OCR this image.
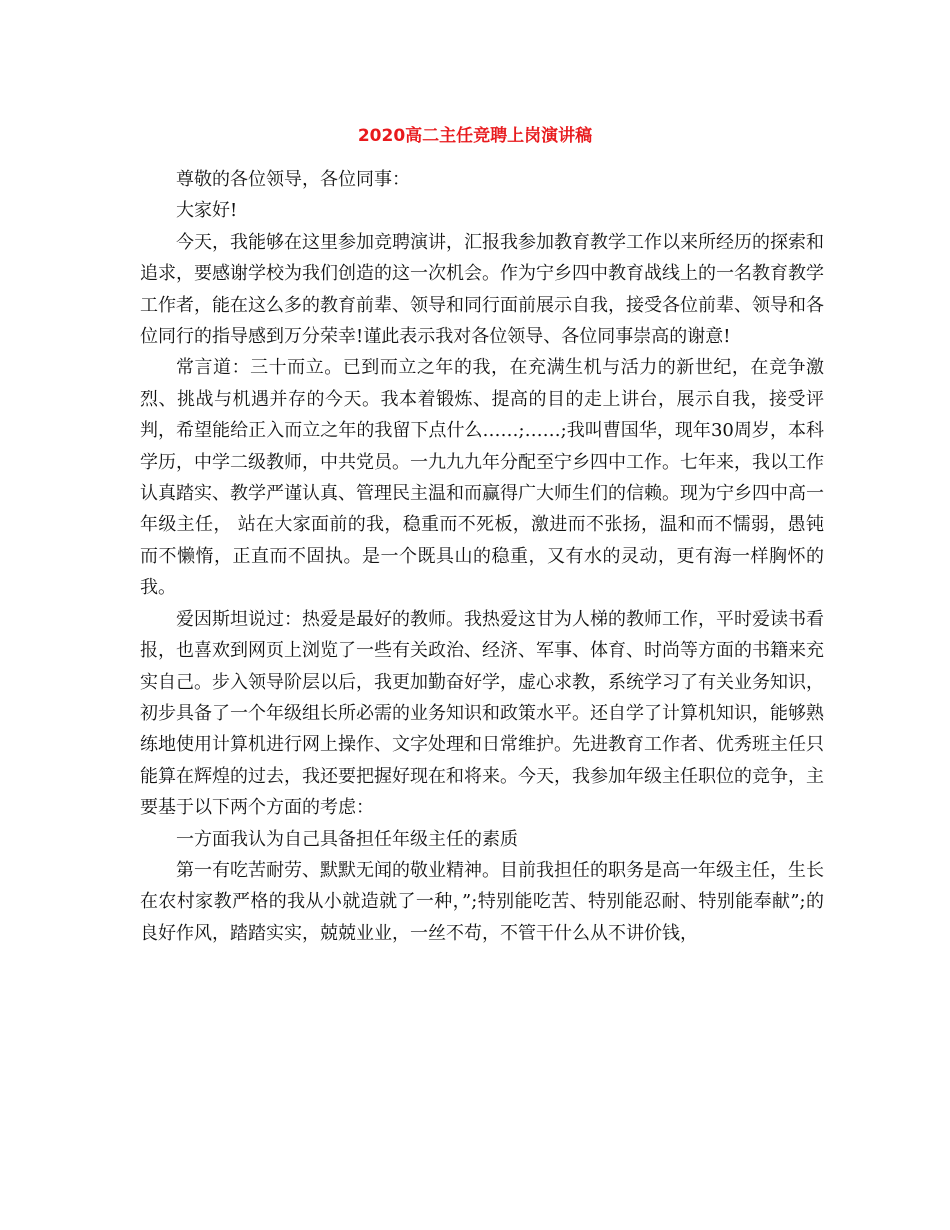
2020高二主任竞聘上岗演讲稿

尊敬的各位领导，各位同事：

大家好!

今天，我能够在这里参加竞聘演讲，汇报我参加教育教学工作以来所经历的探索和追求，要感谢学校为我们创造的这一次机会。作为宁乡四中教育战线上的一名教育教学工作者，能在这么多的教育前辈、领导和同行面前展示自我，接受各位前辈、领导和各位同行的指导感到万分荣幸!谨此表示我对各位领导、各位同事崇高的谢意!

常言道：三十而立。已到而立之年的我，在充满生机与活力的新世纪，在竞争激烈、挑战与机遇并存的今天。我本着锻炼、提高的目的走上讲台，展示自我，接受评判，希望能给正入而立之年的我留下点什么……;……;我叫曹国华，现年30周岁，本科学历，中学二级教师，中共党员。一九九九年分配至宁乡四中工作。七年来，我以工作认真踏实、教学严谨认真、管理民主温和而赢得广大师生们的信赖。现为宁乡四中高一年级主任， 站在大家面前的我，稳重而不死板，激进而不张扬，温和而不懦弱，愚钝而不懒惰，正直而不固执。是一个既具山的稳重，又有水的灵动，更有海一样胸怀的我。

爱因斯坦说过：热爱是最好的教师。我热爱这甘为人梯的教师工作，平时爱读书看报，也喜欢到网页上浏览了一些有关政治、经济、军事、体育、时尚等方面的书籍来充实自己。步入领导阶层以后，我更加勤奋好学，虚心求教，系统学习了有关业务知识，初步具备了一个年级组长所必需的业务知识和政策水平。还自学了计算机知识，能够熟练地使用计算机进行网上操作、文字处理和日常维护。先进教育工作者、优秀班主任只能算在辉煌的过去，我还要把握好现在和将来。今天，我参加年级主任职位的竞争，主要基于以下两个方面的考虑：

一方面我认为自己具备担任年级主任的素质

第一有吃苦耐劳、默默无闻的敬业精神。目前我担任的职务是高一年级主任，生长在农村家教严格的我从小就造就了一种，”;特别能吃苦、特别能忍耐、特别能奉献”;的良好作风，踏踏实实，兢兢业业，一丝不苟，不管干什么从不讲价钱，
